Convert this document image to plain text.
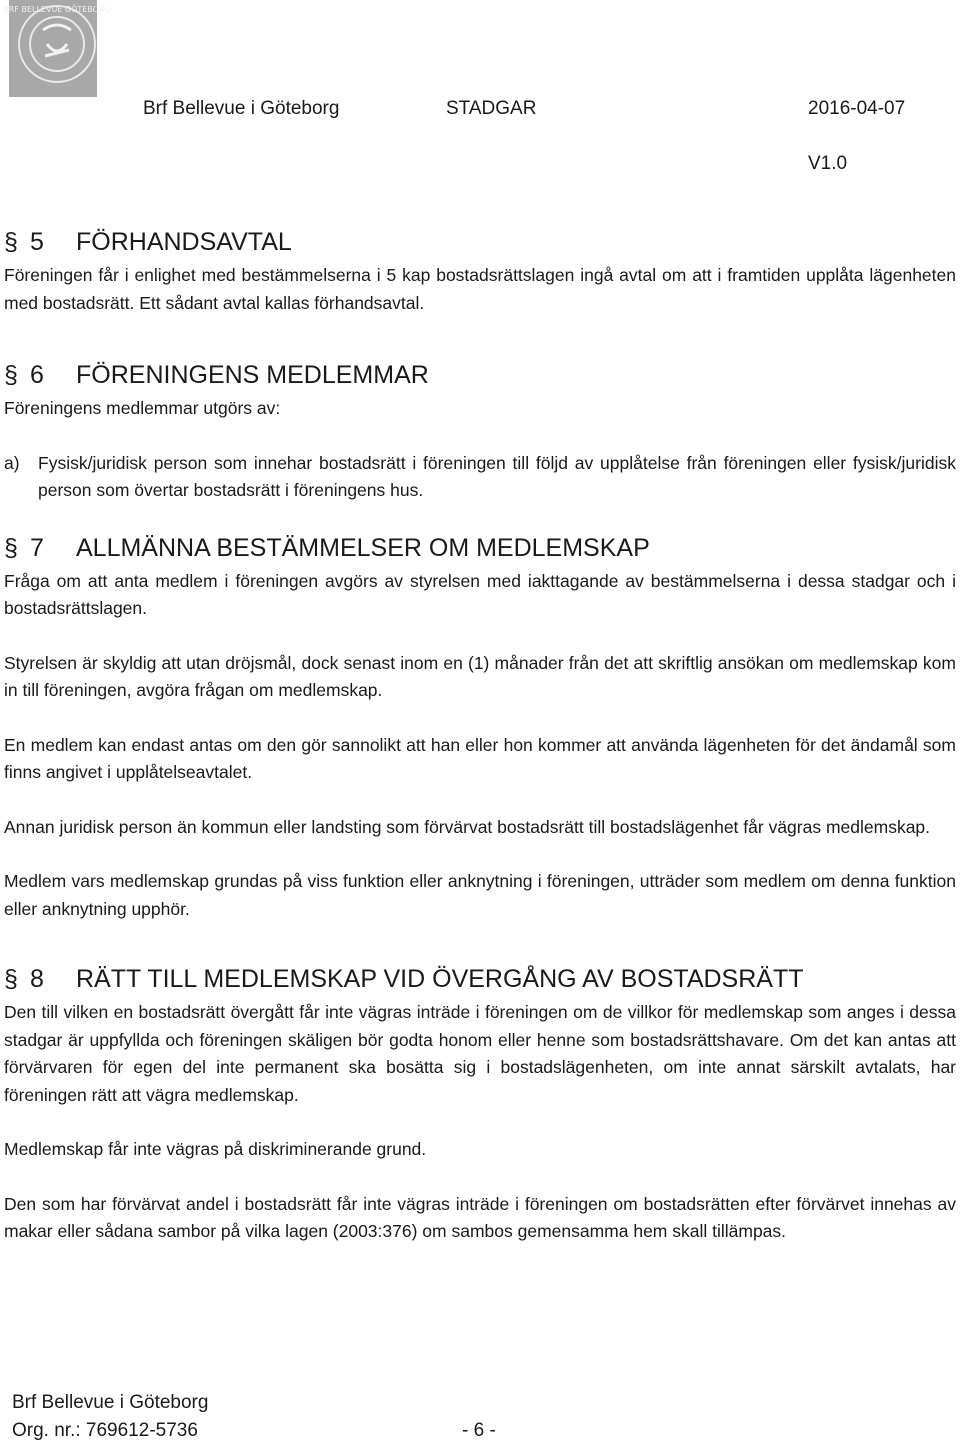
BRF BELLEVUE GÖTEBORG
Brf Bellevue i Göteborg	STADGAR	2016-04-07
V1.0
§ 5	FÖRHANDSAVTAL

Föreningen får i enlighet med bestämmelserna i 5 kap bostadsrättslagen ingå avtal om att i framtiden upplåta lägenheten med bostadsrätt. Ett sådant avtal kallas förhandsavtal.

§ 6	FÖRENINGENS MEDLEMMAR

Föreningens medlemmar utgörs av:

a)	Fysisk/juridisk person som innehar bostadsrätt i föreningen till följd av upplåtelse från föreningen eller fysisk/juridisk person som övertar bostadsrätt i föreningens hus.
§ 7	ALLMÄNNA BESTÄMMELSER OM MEDLEMSKAP

Fråga om att anta medlem i föreningen avgörs av styrelsen med iakttagande av bestämmelserna i dessa stadgar och i bostadsrättslagen.

Styrelsen är skyldig att utan dröjsmål, dock senast inom en (1) månader från det att skriftlig ansökan om medlemskap kom in till föreningen, avgöra frågan om medlemskap.

En medlem kan endast antas om den gör sannolikt att han eller hon kommer att använda lägenheten för det ändamål som finns angivet i upplåtelseavtalet.

Annan juridisk person än kommun eller landsting som förvärvat bostadsrätt till bostadslägenhet får vägras medlemskap.

Medlem vars medlemskap grundas på viss funktion eller anknytning i föreningen, utträder som medlem om denna funktion eller anknytning upphör.

§ 8	RÄTT TILL MEDLEMSKAP VID ÖVERGÅNG AV BOSTADSRÄTT

Den till vilken en bostadsrätt övergått får inte vägras inträde i föreningen om de villkor för medlemskap som anges i dessa stadgar är uppfyllda och föreningen skäligen bör godta honom eller henne som bostadsrättshavare. Om det kan antas att förvärvaren för egen del inte permanent ska bosätta sig i bostadslägenheten, om inte annat särskilt avtalats, har föreningen rätt att vägra medlemskap.

Medlemskap får inte vägras på diskriminerande grund.

Den som har förvärvat andel i bostadsrätt får inte vägras inträde i föreningen om bostadsrätten efter förvärvet innehas av makar eller sådana sambor på vilka lagen (2003:376) om sambos gemensamma hem skall tillämpas.

Brf Bellevue i Göteborg
Org. nr.: 769612-5736	- 6 -
